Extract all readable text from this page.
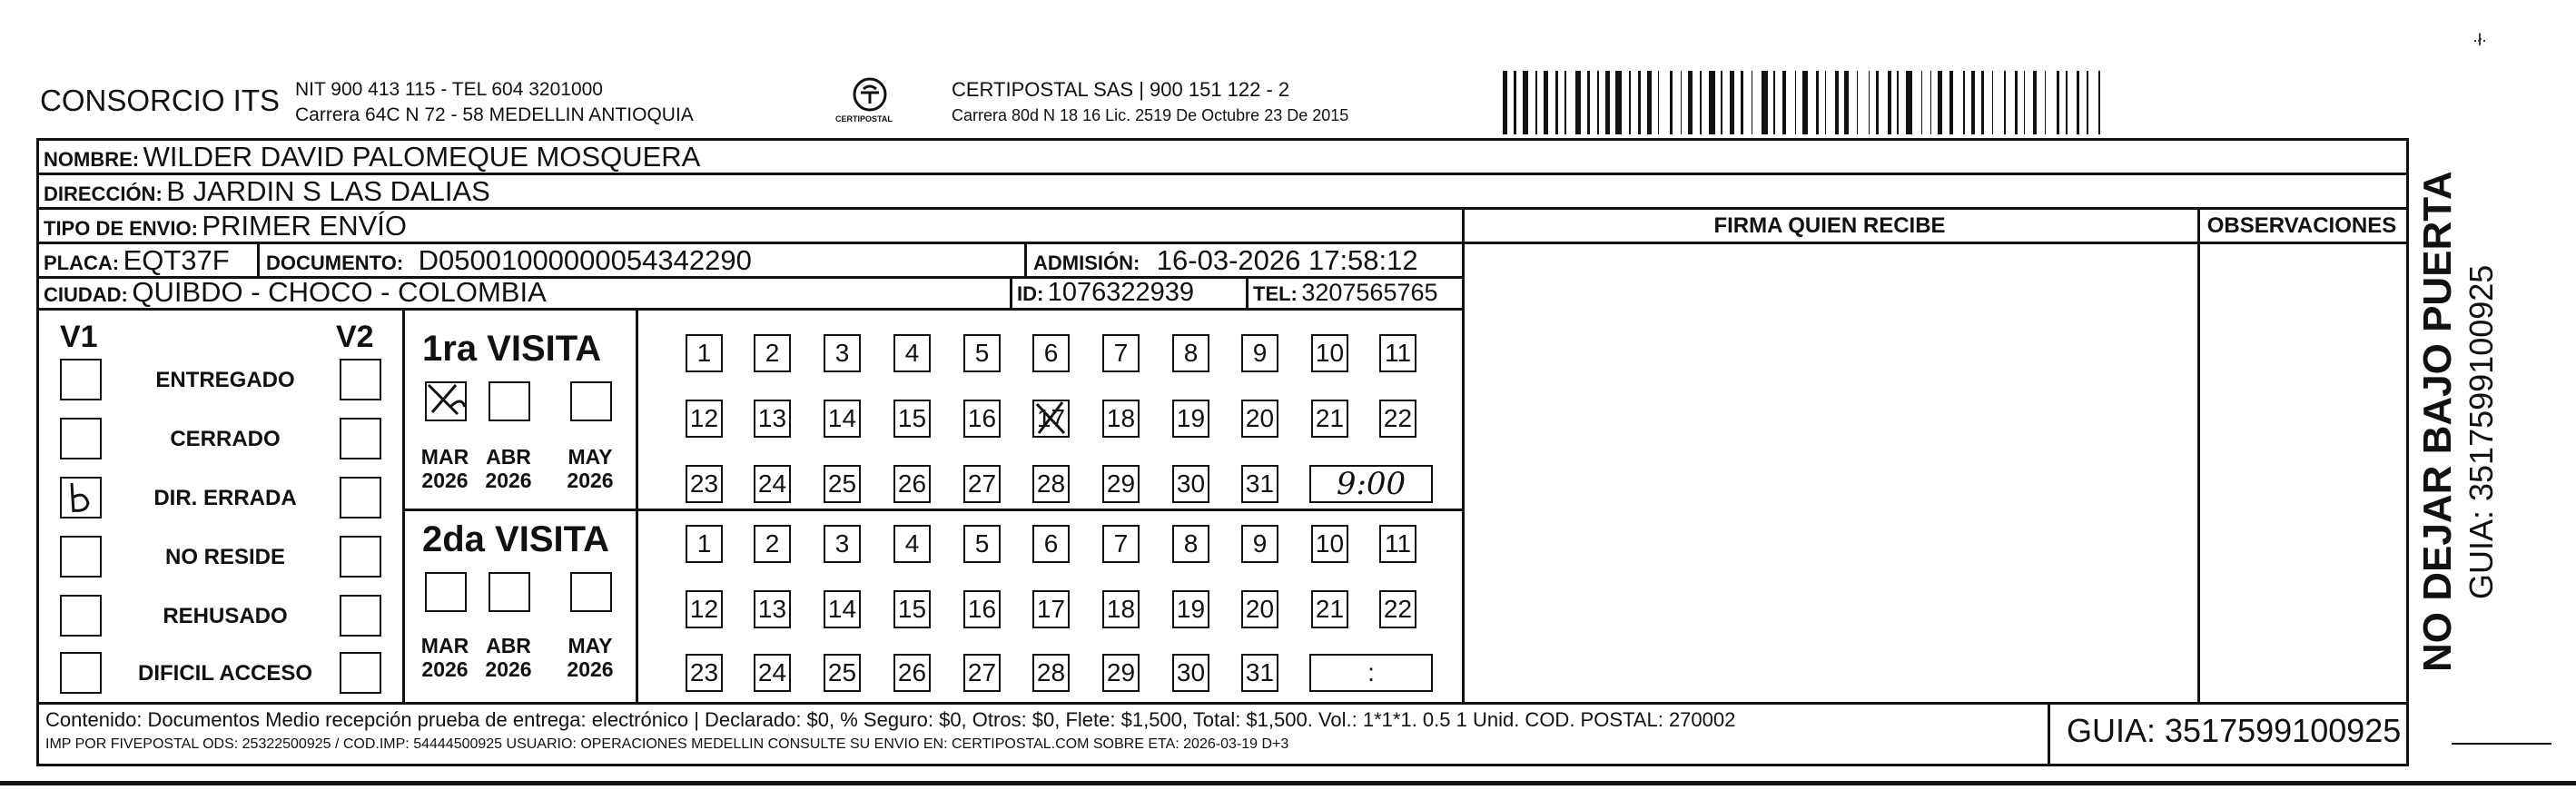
CONSORCIO ITS NIT 900 413 115 - TEL 604 3201000
Carrera 64C N 72 - 58 MEDELLIN ANTIOQUIA	CERTIPOSTAL
CERTIPOSTAL SAS | 900 151 122 - 2
Carrera 80d N 18 16 Lic. 2519 De Octubre 23 De 2015
·ł·
NOMBRE: WILDER DAVID PALOMEQUE MOSQUERA
DIRECCIÓN: B JARDIN S LAS DALIAS
TIPO DE ENVIO: PRIMER ENVÍO	FIRMA QUIEN RECIBE	OBSERVACIONES
PLACA: EQT37F DOCUMENTO: D05001000000054342290	ADMISIÓN: 16-03-2026 17:58:12
CIUDAD: QUIBDO - CHOCO - COLOMBIA	ID: 1076322939	TEL: 3207565765
V1	V2 1ra VISITA
2da VISITA
Contenido: Documentos Medio recepción prueba de entrega: electrónico | Declarado: $0, % Seguro: $0, Otros: $0, Flete: $1,500, Total: $1,500. Vol.: 1*1*1. 0.5 1 Unid. COD. POSTAL: 270002
IMP POR FIVEPOSTAL ODS: 25322500925 / COD.IMP: 54444500925 USUARIO: OPERACIONES MEDELLIN CONSULTE SU ENVIO EN: CERTIPOSTAL.COM SOBRE ETA: 2026-03-19 D+3	GUIA: 3517599100925
NO DEJAR BAJO PUERTA GUIA: 3517599100925
ENTREGADO
CERRADO
DIR. ERRADA
NO RESIDE
REHUSADO
DIFICIL ACCESO
MAR
2026
ABR
2026
MAY
2026
MAR
2026
ABR
2026
MAY
2026
1	2	3	4	5	6	7	8	9	10 11
12 13 14 15 16 17 18 19 20 21 22
23 24 25 26 27 28 29 30 31	9:00
1	2	3	4	5	6	7	8	9	10 11
12 13 14 15 16 17 18 19 20 21 22
23 24 25 26 27 28 29 30 31	:
